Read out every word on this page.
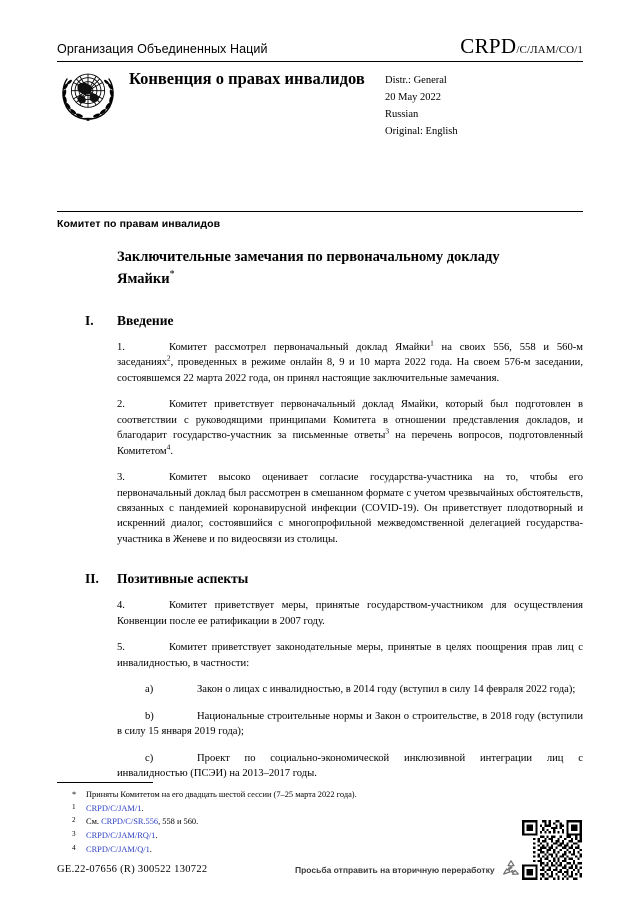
Организация Объединенных Наций	CRPD/C/ЛАМ/CO/1
Конвенция о правах инвалидов	Distr.: General
20 May 2022
Russian
Original: English
Комитет по правам инвалидов
Заключительные замечания по первоначальному докладу Ямайки*
I.	Введение

1.	Комитет рассмотрел первоначальный доклад Ямайки$^1$ на своих 556, 558 и 560-м заседаниях$^2$, проведенных в режиме онлайн 8, 9 и 10 марта 2022 года. На своем 576-м заседании, состоявшемся 22 марта 2022 года, он принял настоящие заключительные замечания.

2.	Комитет приветствует первоначальный доклад Ямайки, который был подготовлен в соответствии с руководящими принципами Комитета в отношении представления докладов, и благодарит государство-участник за письменные ответы$^3$ на перечень вопросов, подготовленный Комитетом$^4$.

3.	Комитет высоко оценивает согласие государства-участника на то, чтобы его первоначальный доклад был рассмотрен в смешанном формате с учетом чрезвычайных обстоятельств, связанных с пандемией коронавирусной инфекции (COVID-19). Он приветствует плодотворный и искренний диалог, состоявшийся с многопрофильной межведомственной делегацией государства-участника в Женеве и по видеосвязи из столицы.

II.	Позитивные аспекты

4.	Комитет приветствует меры, принятые государством-участником для осуществления Конвенции после ее ратификации в 2007 году.

5.	Комитет приветствует законодательные меры, принятые в целях поощрения прав лиц с инвалидностью, в частности:

a)	Закон о лицах с инвалидностью, в 2014 году (вступил в силу 14 февраля 2022 года);

b)	Национальные строительные нормы и Закон о строительстве, в 2018 году (вступили в силу 15 января 2019 года);

c)	Проект по социально-экономической инклюзивной интеграции лиц с инвалидностью (ПСЭИ) на 2013–2017 годы.

*	Приняты Комитетом на его двадцать шестой сессии (7–25 марта 2022 года).
1	CRPD/C/JAM/1.
2	См. CRPD/C/SR.556, 558 и 560.
3	CRPD/C/JAM/RQ/1.
4	CRPD/C/JAM/Q/1.
GE.22-07656 (R) 300522 130722	Просьба отправить на вторичную переработку
